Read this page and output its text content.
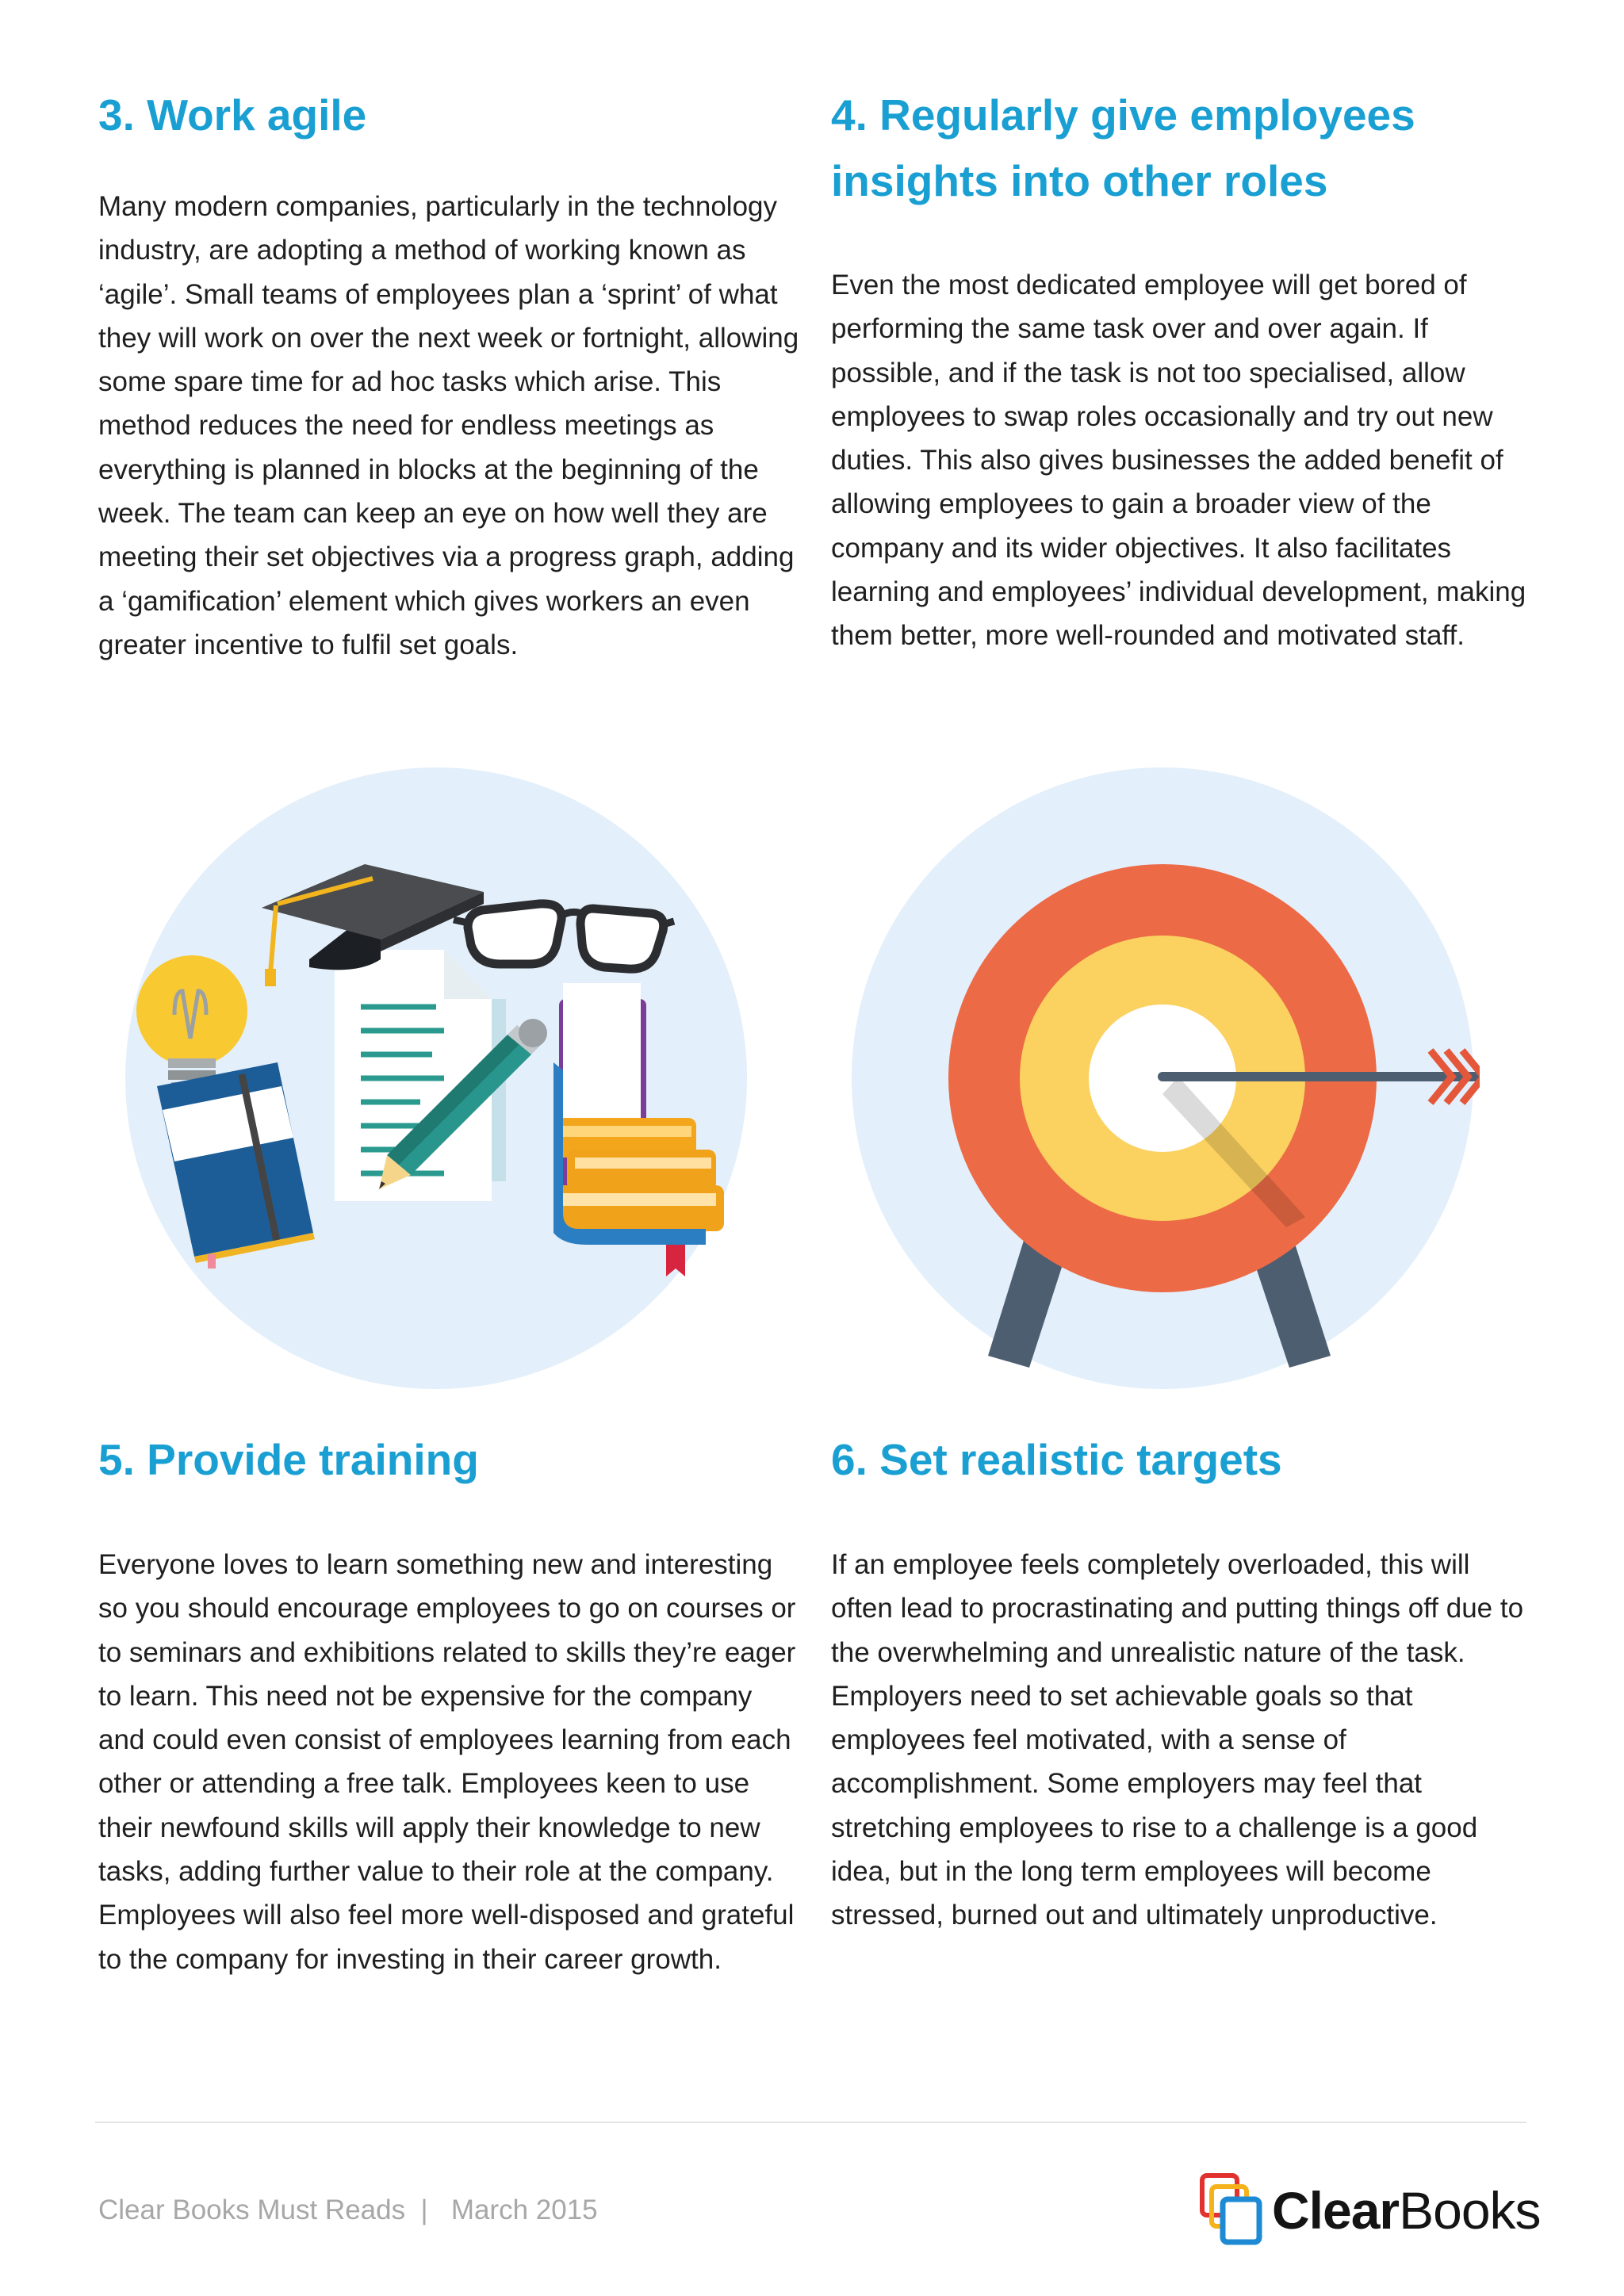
3. Work agile

Many modern companies, particularly in the technology industry, are adopting a method of working known as ‘agile’. Small teams of employees plan a ‘sprint’ of what they will work on over the next week or fortnight, allowing some spare time for ad hoc tasks which arise. This method reduces the need for endless meetings as everything is planned in blocks at the beginning of the week. The team can keep an eye on how well they are meeting their set objectives via a progress graph, adding a ‘gamification’ element which gives workers an even greater incentive to fulfil set goals.

4. Regularly give employees insights into other roles

Even the most dedicated employee will get bored of performing the same task over and over again. If possible, and if the task is not too specialised, allow employees to swap roles occasionally and try out new duties. This also gives businesses the added benefit of allowing employees to gain a broader view of the company and its wider objectives. It also facilitates learning and employees’ individual development, making them better, more well-rounded and motivated staff.

5. Provide training

Everyone loves to learn something new and interesting so you should encourage employees to go on courses or to seminars and exhibitions related to skills they’re eager to learn. This need not be expensive for the company and could even consist of employees learning from each other or attending a free talk. Employees keen to use their newfound skills will apply their knowledge to new tasks, adding further value to their role at the company. Employees will also feel more well-disposed and grateful to the company for investing in their career growth.

6. Set realistic targets

If an employee feels completely overloaded, this will often lead to procrastinating and putting things off due to the overwhelming and unrealistic nature of the task. Employers need to set achievable goals so that employees feel motivated, with a sense of accomplishment. Some employers may feel that stretching employees to rise to a challenge is a good idea, but in the long term employees will become stressed, burned out and ultimately unproductive.

Clear Books Must Reads  |   March 2015	ClearBooks
